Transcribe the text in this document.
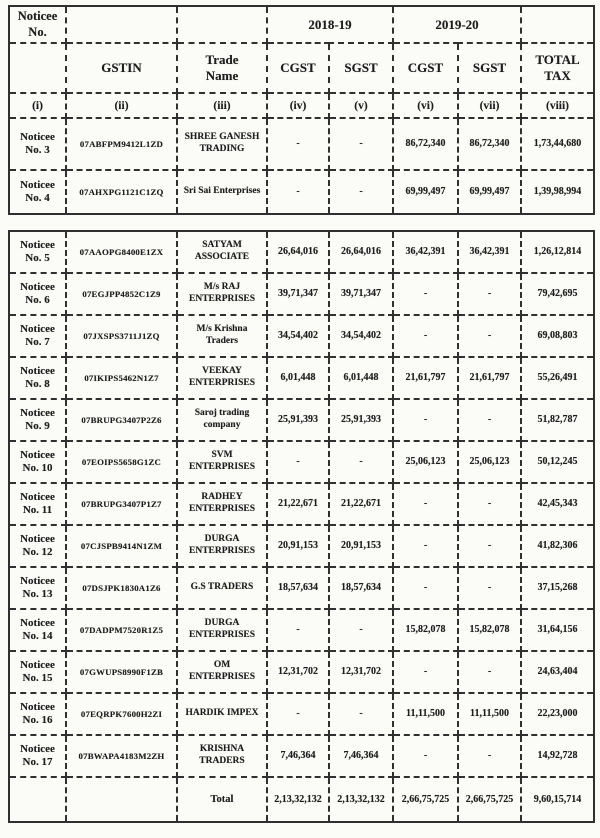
Noticee No.			2018-19		2019-20		
	GSTIN	Trade Name	CGST	SGST	CGST	SGST	TOTAL TAX
(i)	(ii)	(iii)	(iv)	(v)	(vi)	(vii)	(viii)
Noticee No. 3	07ABFPM9412L1ZD	SHREE GANESH TRADING	-	-	86,72,340	86,72,340	1,73,44,680
Noticee No. 4	07AHXPG1121C1ZQ	Sri Sai Enterprises	-	-	69,99,497	69,99,497	1,39,98,994
Noticee No. 5	07AAOPG8400E1ZX	SATYAM ASSOCIATE	26,64,016	26,64,016	36,42,391	36,42,391	1,26,12,814
Noticee No. 6	07EGJPP4852C1Z9	M/s RAJ ENTERPRISES	39,71,347	39,71,347	-	-	79,42,695
Noticee No. 7	07JXSPS3711J1ZQ	M/s Krishna Traders	34,54,402	34,54,402	-	-	69,08,803
Noticee No. 8	07IKIPS5462N1Z7	VEEKAY ENTERPRISES	6,01,448	6,01,448	21,61,797	21,61,797	55,26,491
Noticee No. 9	07BRUPG3407P2Z6	Saroj trading company	25,91,393	25,91,393	-	-	51,82,787
Noticee No. 10	07EOIPS5658G1ZC	SVM ENTERPRISES	-	-	25,06,123	25,06,123	50,12,245
Noticee No. 11	07BRUPG3407P1Z7	RADHEY ENTERPRISES	21,22,671	21,22,671	-	-	42,45,343
Noticee No. 12	07CJSPB9414N1ZM	DURGA ENTERPRISES	20,91,153	20,91,153	-	-	41,82,306
Noticee No. 13	07DSJPK1830A1Z6	G.S TRADERS	18,57,634	18,57,634	-	-	37,15,268
Noticee No. 14	07DADPM7520R1Z5	DURGA ENTERPRISES	-	-	15,82,078	15,82,078	31,64,156
Noticee No. 15	07GWUPS8990F1ZB	OM ENTERPRISES	12,31,702	12,31,702	-	-	24,63,404
Noticee No. 16	07EQRPK7600H2ZI	HARDIK IMPEX	-	-	11,11,500	11,11,500	22,23,000
Noticee No. 17	07BWAPA4183M2ZH	KRISHNA TRADERS	7,46,364	7,46,364	-	-	14,92,728
		Total	2,13,32,132	2,13,32,132	2,66,75,725	2,66,75,725	9,60,15,714
